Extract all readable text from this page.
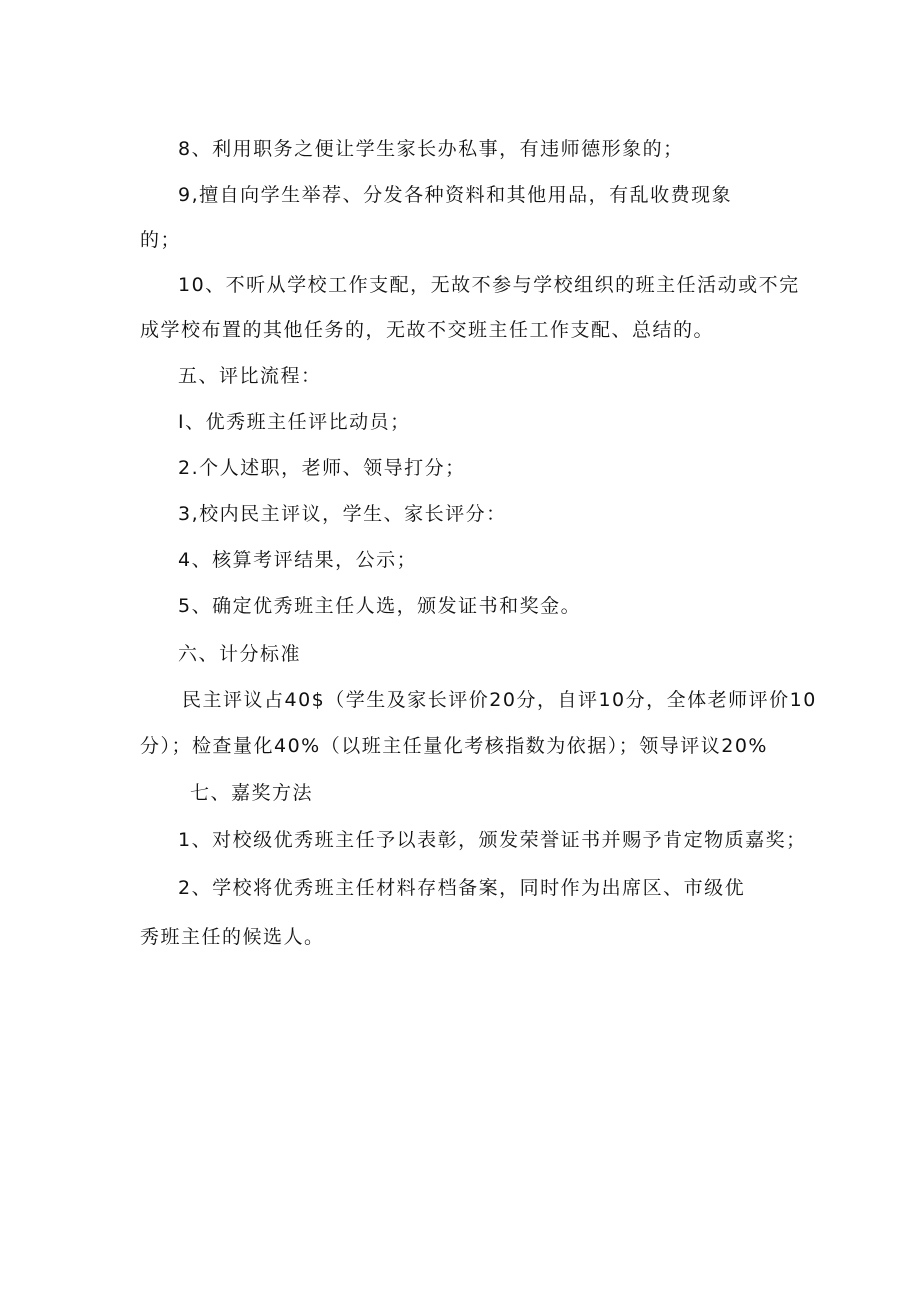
8、利用职务之便让学生家长办私事，有违师德形象的；
9,擅自向学生举荐、分发各种资料和其他用品，有乱收费现象
的；
10、不听从学校工作支配，无故不参与学校组织的班主任活动或不完
成学校布置的其他任务的，无故不交班主任工作支配、总结的。
五、评比流程：
I、优秀班主任评比动员；
2.个人述职，老师、领导打分；
3,校内民主评议，学生、家长评分：
4、核算考评结果，公示；
5、确定优秀班主任人选，颁发证书和奖金。
六、计分标准
民主评议占40$（学生及家长评价20分，自评10分，全体老师评价10
分）；检查量化40%（以班主任量化考核指数为依据）；领导评议20%
七、嘉奖方法
1、对校级优秀班主任予以表彰，颁发荣誉证书并赐予肯定物质嘉奖；
2、学校将优秀班主任材料存档备案，同时作为出席区、市级优
秀班主任的候选人。
